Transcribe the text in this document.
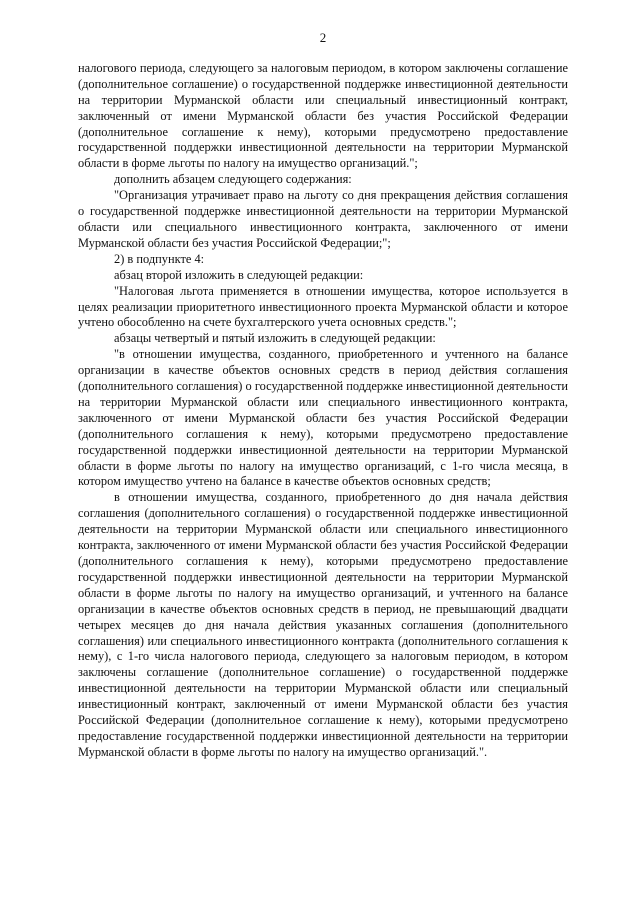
2

налогового периода, следующего за налоговым периодом, в котором заключены соглашение (дополнительное соглашение) о государственной поддержке инвестиционной деятельности на территории Мурманской области или специальный инвестиционный контракт, заключенный от имени Мурманской области без участия Российской Федерации (дополнительное соглашение к нему), которыми предусмотрено предоставление государственной поддержки инвестиционной деятельности на территории Мурманской области в форме льготы по налогу на имущество организаций.";

дополнить абзацем следующего содержания:

"Организация утрачивает право на льготу со дня прекращения действия соглашения о государственной поддержке инвестиционной деятельности на территории Мурманской области или специального инвестиционного контракта, заключенного от имени Мурманской области без участия Российской Федерации;";

2) в подпункте 4:

абзац второй изложить в следующей редакции:

"Налоговая льгота применяется в отношении имущества, которое используется в целях реализации приоритетного инвестиционного проекта Мурманской области и которое учтено обособленно на счете бухгалтерского учета основных средств.";

абзацы четвертый и пятый изложить в следующей редакции:

"в отношении имущества, созданного, приобретенного и учтенного на балансе организации в качестве объектов основных средств в период действия соглашения (дополнительного соглашения) о государственной поддержке инвестиционной деятельности на территории Мурманской области или специального инвестиционного контракта, заключенного от имени Мурманской области без участия Российской Федерации (дополнительного соглашения к нему), которыми предусмотрено предоставление государственной поддержки инвестиционной деятельности на территории Мурманской области в форме льготы по налогу на имущество организаций, с 1-го числа месяца, в котором имущество учтено на балансе в качестве объектов основных средств;

в отношении имущества, созданного, приобретенного до дня начала действия соглашения (дополнительного соглашения) о государственной поддержке инвестиционной деятельности на территории Мурманской области или специального инвестиционного контракта, заключенного от имени Мурманской области без участия Российской Федерации (дополнительного соглашения к нему), которыми предусмотрено предоставление государственной поддержки инвестиционной деятельности на территории Мурманской области в форме льготы по налогу на имущество организаций, и учтенного на балансе организации в качестве объектов основных средств в период, не превышающий двадцати четырех месяцев до дня начала действия указанных соглашения (дополнительного соглашения) или специального инвестиционного контракта (дополнительного соглашения к нему), с 1-го числа налогового периода, следующего за налоговым периодом, в котором заключены соглашение (дополнительное соглашение) о государственной поддержке инвестиционной деятельности на территории Мурманской области или специальный инвестиционный контракт, заключенный от имени Мурманской области без участия Российской Федерации (дополнительное соглашение к нему), которыми предусмотрено предоставление государственной поддержки инвестиционной деятельности на территории Мурманской области в форме льготы по налогу на имущество организаций.".
